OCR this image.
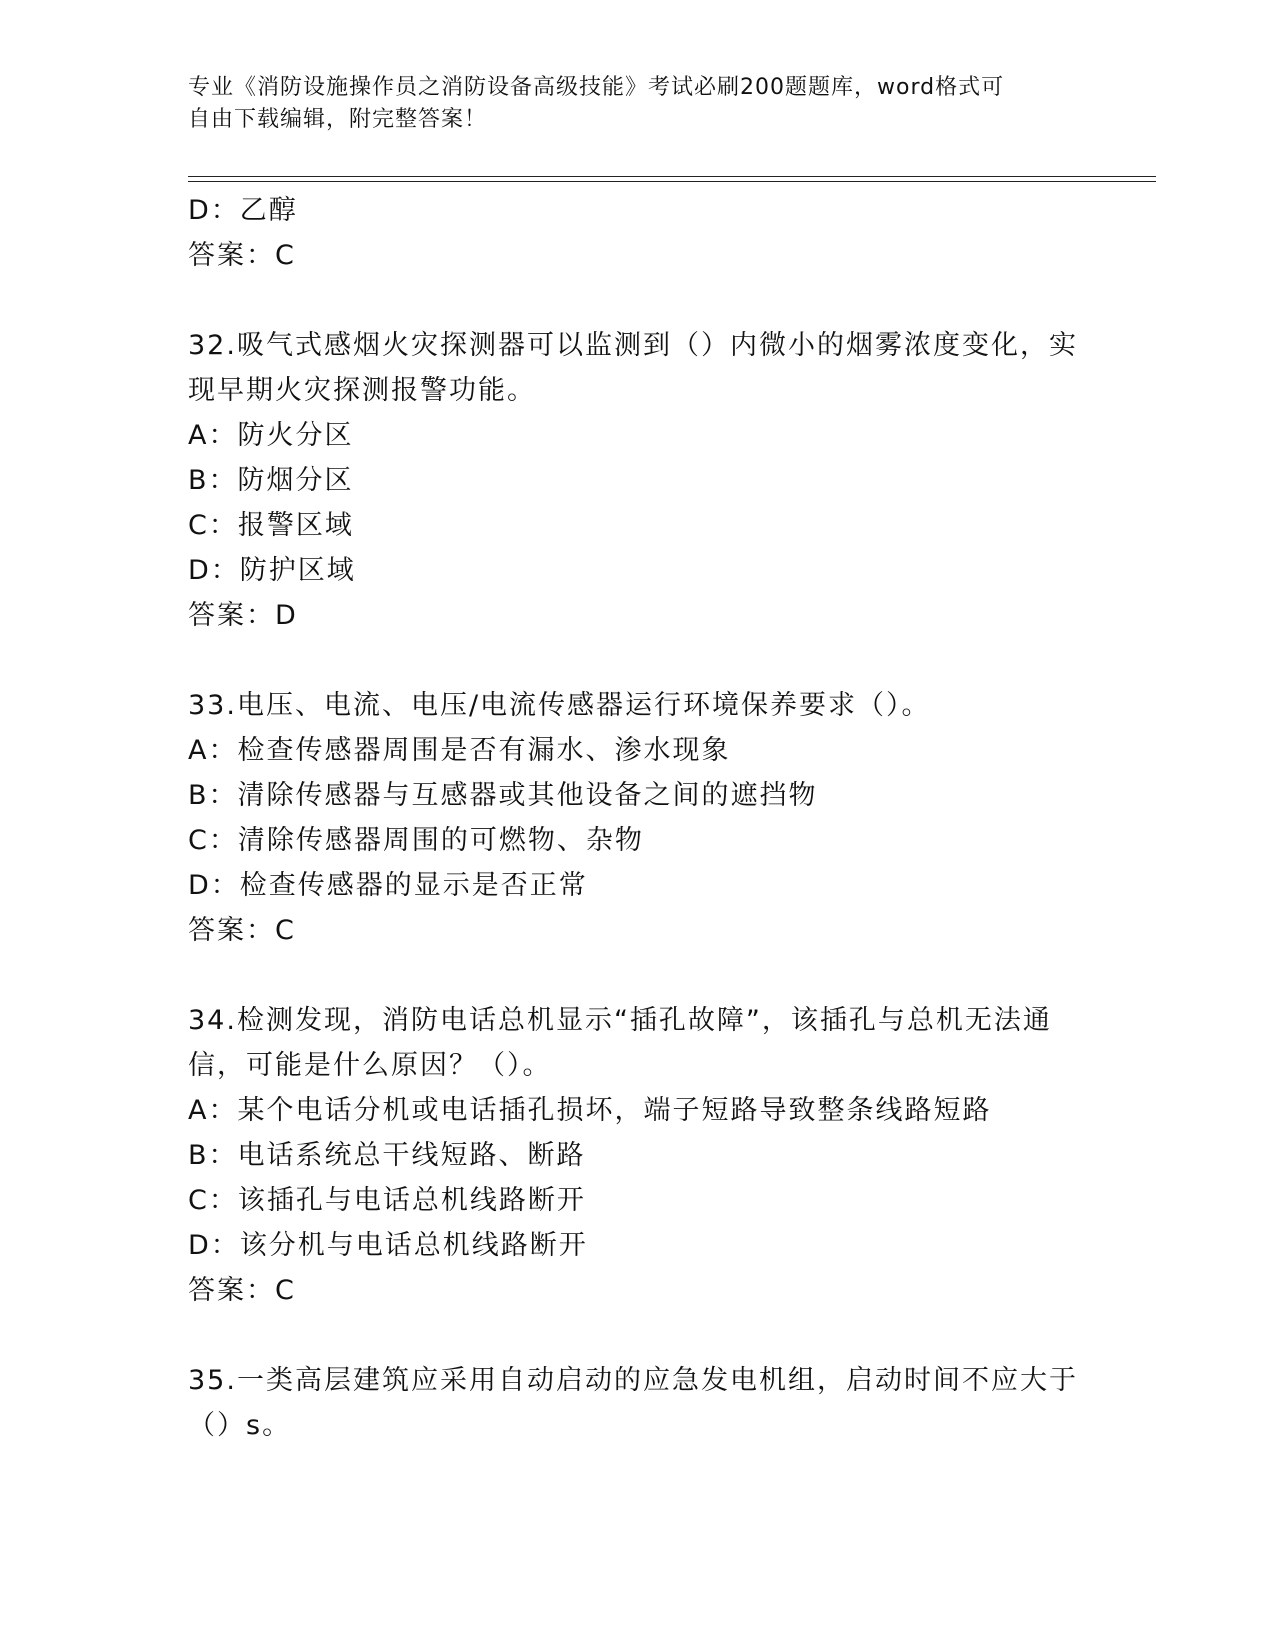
专业《消防设施操作员之消防设备高级技能》考试必刷200题题库，word格式可
自由下载编辑，附完整答案！
D：乙醇
答案：C
32.吸气式感烟火灾探测器可以监测到（）内微小的烟雾浓度变化，实
现早期火灾探测报警功能。
A：防火分区
B：防烟分区
C：报警区域
D：防护区域
答案：D
33.电压、电流、电压/电流传感器运行环境保养要求（）。
A：检查传感器周围是否有漏水、渗水现象
B：清除传感器与互感器或其他设备之间的遮挡物
C：清除传感器周围的可燃物、杂物
D：检查传感器的显示是否正常
答案：C
34.检测发现，消防电话总机显示“插孔故障”，该插孔与总机无法通
信，可能是什么原因？（）。
A：某个电话分机或电话插孔损坏，端子短路导致整条线路短路
B：电话系统总干线短路、断路
C：该插孔与电话总机线路断开
D：该分机与电话总机线路断开
答案：C
35.一类高层建筑应采用自动启动的应急发电机组，启动时间不应大于
（）s。
